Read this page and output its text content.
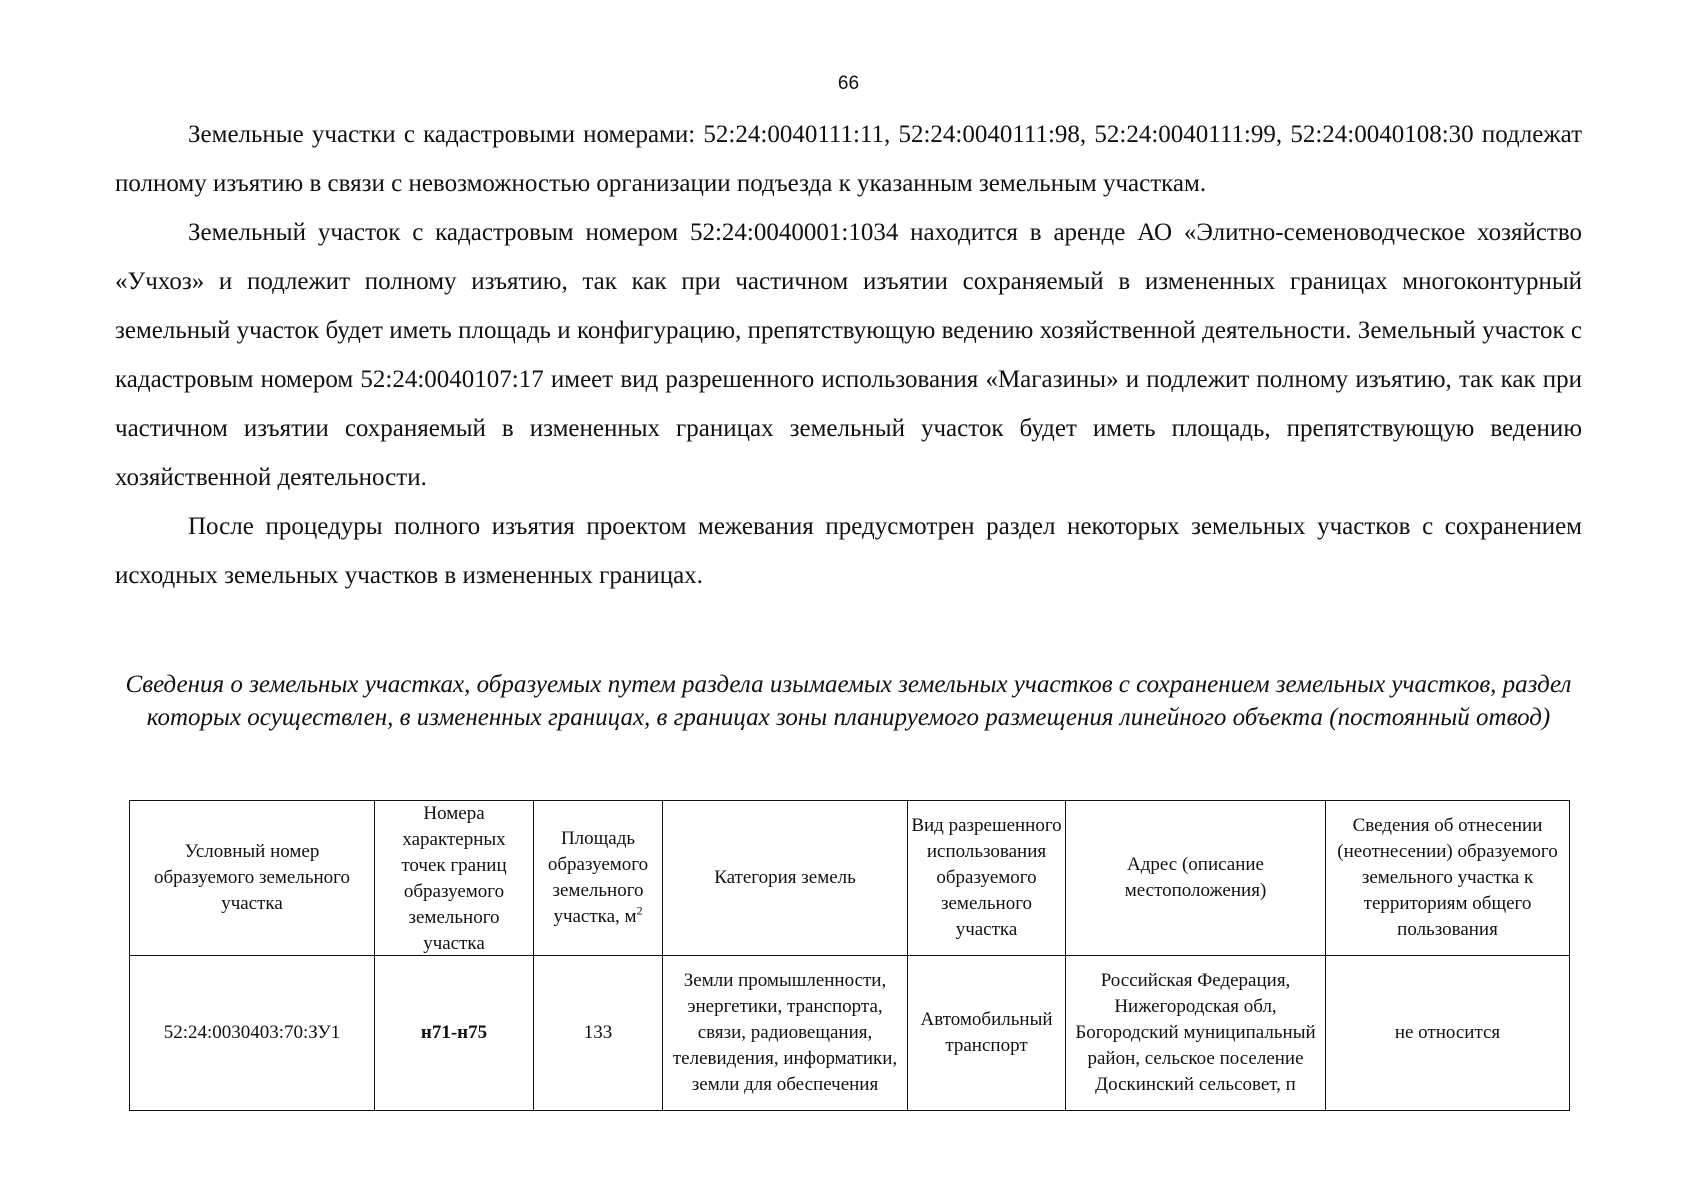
66

Земельные участки с кадастровыми номерами: 52:24:0040111:11, 52:24:0040111:98, 52:24:0040111:99, 52:24:0040108:30 подлежат полному изъятию в связи с невозможностью организации подъезда к указанным земельным участкам.

Земельный участок с кадастровым номером 52:24:0040001:1034 находится в аренде АО «Элитно-семеноводческое хозяйство «Учхоз» и подлежит полному изъятию, так как при частичном изъятии сохраняемый в измененных границах многоконтурный земельный участок будет иметь площадь и конфигурацию, препятствующую ведению хозяйственной деятельности. Земельный участок с кадастровым номером 52:24:0040107:17 имеет вид разрешенного использования «Магазины» и подлежит полному изъятию, так как при частичном изъятии сохраняемый в измененных границах земельный участок будет иметь площадь, препятствующую ведению хозяйственной деятельности.

После процедуры полного изъятия проектом межевания предусмотрен раздел некоторых земельных участков с сохранением исходных земельных участков в измененных границах.

Сведения о земельных участках, образуемых путем раздела изымаемых земельных участков с сохранением земельных участков, раздел которых осуществлен, в измененных границах, в границах зоны планируемого размещения линейного объекта (постоянный отвод)
Условный номер образуемого земельного участка	Номера характерных точек границ образуемого земельного участка	Площадь образуемого земельного участка, $м^2$	Категория земель	Вид разрешенного использования образуемого земельного участка	Адрес (описание местоположения)	Сведения об отнесении (неотнесении) образуемого земельного участка к территориям общего пользования

52:24:0030403:70:ЗУ1	н71-н75	133	Земли промышленности, энергетики, транспорта, связи, радиовещания, телевидения, информатики, земли для обеспечения	Автомобильный транспорт	Российская Федерация, Нижегородская обл, Богородский муниципальный район, сельское поселение Доскинский сельсовет, п	не относится
